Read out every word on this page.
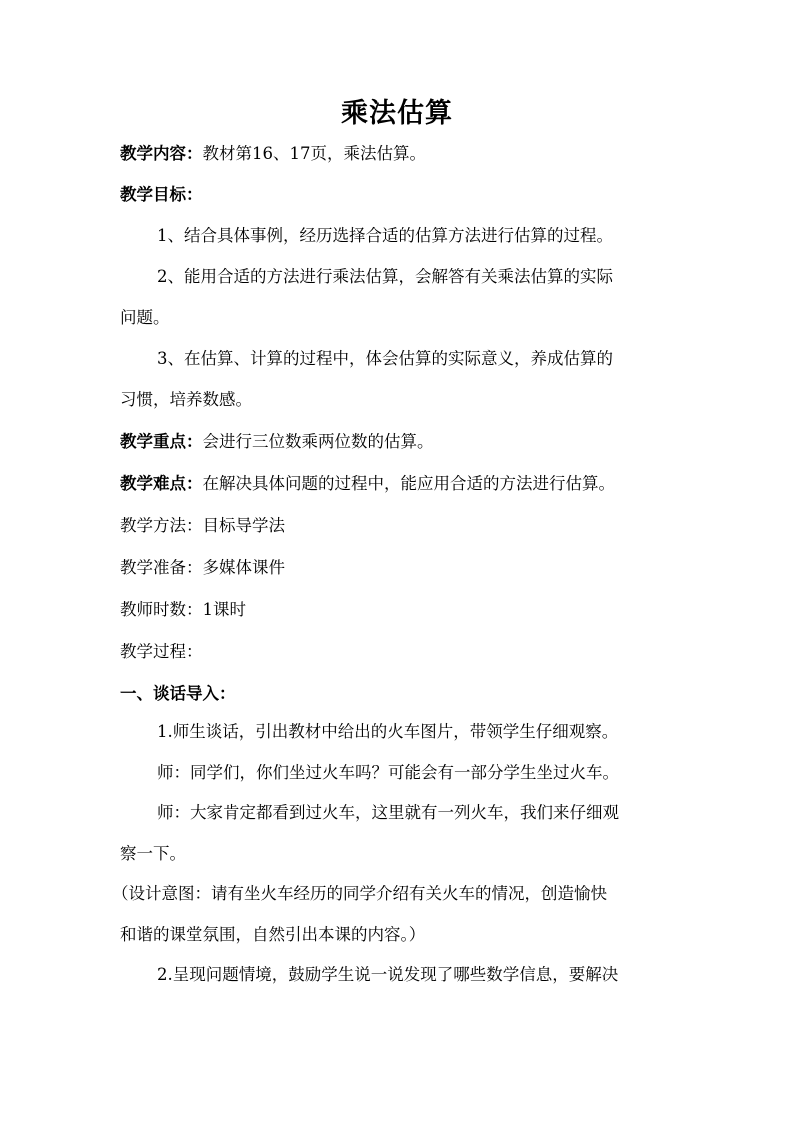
乘法估算
教学内容：教材第16、17页，乘法估算。
教学目标：
1、结合具体事例，经历选择合适的估算方法进行估算的过程。
2、能用合适的方法进行乘法估算，会解答有关乘法估算的实际
问题。
3、在估算、计算的过程中，体会估算的实际意义，养成估算的
习惯，培养数感。
教学重点：会进行三位数乘两位数的估算。
教学难点：在解决具体问题的过程中，能应用合适的方法进行估算。
教学方法：目标导学法
教学准备：多媒体课件
教师时数：1课时
教学过程：
一、谈话导入：
1.师生谈话，引出教材中给出的火车图片，带领学生仔细观察。
师：同学们，你们坐过火车吗？可能会有一部分学生坐过火车。
师：大家肯定都看到过火车，这里就有一列火车，我们来仔细观
察一下。
（设计意图：请有坐火车经历的同学介绍有关火车的情况，创造愉快
和谐的课堂氛围，自然引出本课的内容。）
2.呈现问题情境，鼓励学生说一说发现了哪些数学信息，要解决
